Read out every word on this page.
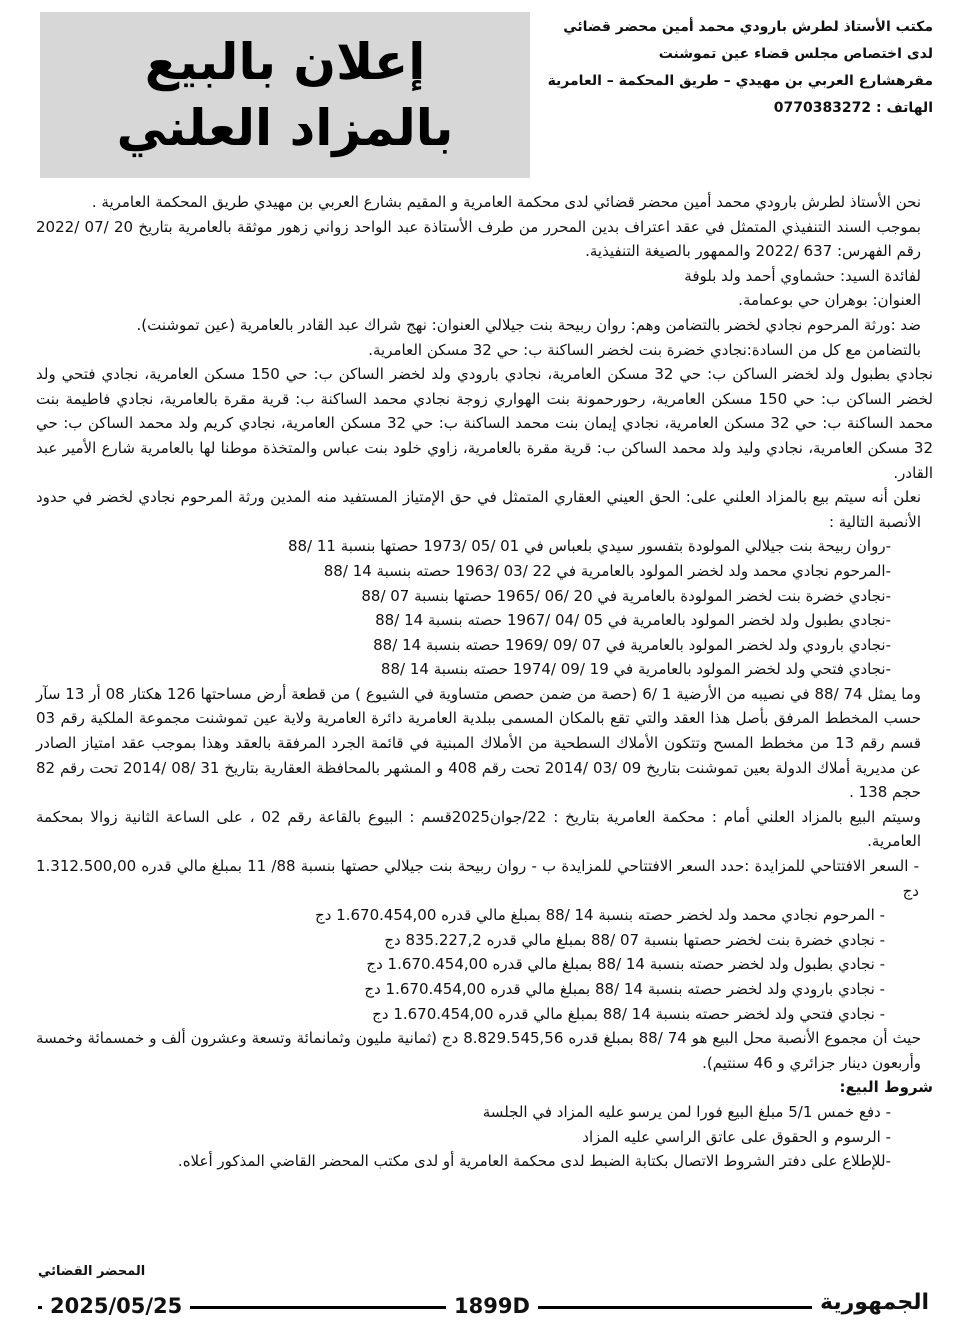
مكتب الأستاذ لطرش بارودي محمد أمين محضر قضائي
لدى اختصاص مجلس قضاء عين تموشنت
مقرهشارع العربي بن مهيدي – طريق المحكمة – العامرية
الهاتف : 0770383272
إعلان بالبيع
بالمزاد العلني

نحن الأستاذ لطرش بارودي محمد أمين محضر قضائي لدى محكمة العامرية و المقيم بشارع العربي بن مهيدي طريق المحكمة العامرية .

بموجب السند التنفيذي المتمثل في عقد اعتراف بدين المحرر من طرف الأستاذة عبد الواحد زواني زهور موثقة بالعامرية بتاريخ 20 /07 /2022 رقم الفهرس: 637 /2022 والممهور بالصيغة التنفيذية.

لفائدة السيد: حشماوي أحمد ولد بلوفة

العنوان: بوهران حي بوعمامة.

ضد :ورثة المرحوم نجادي لخضر بالتضامن وهم: روان ربيحة بنت جيلالي العنوان: نهج شراك عبد القادر بالعامرية (عين تموشنت).

بالتضامن مع كل من السادة:نجادي خضرة بنت لخضر الساكنة ب: حي 32 مسكن العامرية.

نجادي بطبول ولد لخضر الساكن ب: حي 32 مسكن العامرية، نجادي بارودي ولد لخضر الساكن ب: حي 150 مسكن العامرية، نجادي فتحي ولد لخضر الساكن ب: حي 150 مسكن العامرية، رحورحمونة بنت الهواري زوجة نجادي محمد الساكنة ب: قرية مقرة بالعامرية، نجادي فاطيمة بنت محمد الساكنة ب: حي 32 مسكن العامرية، نجادي إيمان بنت محمد الساكنة ب: حي 32 مسكن العامرية، نجادي كريم ولد محمد الساكن ب: حي 32 مسكن العامرية، نجادي وليد ولد محمد الساكن ب: قرية مقرة بالعامرية، زاوي خلود بنت عباس والمتخذة موطنا لها بالعامرية شارع الأمير عبد القادر.

نعلن أنه سيتم بيع بالمزاد العلني على: الحق العيني العقاري المتمثل في حق الإمتياز المستفيد منه المدين ورثة المرحوم نجادي لخضر في حدود الأنصبة التالية :

-روان ربيحة بنت جيلالي المولودة بتفسور سيدي بلعباس في 01 /05 /1973 حصتها بنسبة 11 /88
-المرحوم نجادي محمد ولد لخضر المولود بالعامرية في 22 /03 /1963 حصته بنسبة 14 /88
-نجادي خضرة بنت لخضر المولودة بالعامرية في 20 /06 /1965 حصتها بنسبة 07 /88
-نجادي بطبول ولد لخضر المولود بالعامرية في 05 /04 /1967 حصته بنسبة 14 /88
-نجادي بارودي ولد لخضر المولود بالعامرية في 07 /09 /1969 حصته بنسبة 14 /88
-نجادي فتحي ولد لخضر المولود بالعامرية في 19 /09 /1974 حصته بنسبة 14 /88

وما يمثل 74 /88 في نصيبه من الأرضية 1 /6 (حصة من ضمن حصص متساوية في الشيوع ) من قطعة أرض مساحتها 126 هكتار 08 أر 13 سآر حسب المخطط المرفق بأصل هذا العقد والتي تقع بالمكان المسمى ببلدية العامرية دائرة العامرية ولاية عين تموشنت مجموعة الملكية رقم 03 قسم رقم 13 من مخطط المسح وتتكون الأملاك السطحية من الأملاك المبنية في قائمة الجرد المرفقة بالعقد وهذا بموجب عقد امتياز الصادر عن مديرية أملاك الدولة بعين تموشنت بتاريخ 09 /03 /2014 تحت رقم 408 و المشهر بالمحافظة العقارية بتاريخ 31 /08 /2014 تحت رقم 82 حجم 138 .

وسيتم البيع بالمزاد العلني أمام : محكمة العامرية بتاريخ : 22/جوان2025قسم : البيوع بالقاعة رقم 02 ، على الساعة الثانية زوالا بمحكمة العامرية.

- السعر الافتتاحي للمزايدة :حدد السعر الافتتاحي للمزايدة ب - روان ربيحة بنت جيلالي حصتها بنسبة 88/ 11 بمبلغ مالي قدره 1.312.500,00 دج

- المرحوم نجادي محمد ولد لخضر حصته بنسبة 14 /88 بمبلغ مالي قدره 1.670.454,00 دج
- نجادي خضرة بنت لخضر حصتها بنسبة 07 /88 بمبلغ مالي قدره 835.227,2 دج
- نجادي بطبول ولد لخضر حصته بنسبة 14 /88 بمبلغ مالي قدره 1.670.454,00 دج
- نجادي بارودي ولد لخضر حصته بنسبة 14 /88 بمبلغ مالي قدره 1.670.454,00 دج
- نجادي فتحي ولد لخضر حصته بنسبة 14 /88 بمبلغ مالي قدره 1.670.454,00 دج

حيث أن مجموع الأنصبة محل البيع هو 74 /88 بمبلغ قدره 8.829.545,56 دج (ثمانية مليون وثمانمائة وتسعة وعشرون ألف و خمسمائة وخمسة وأربعون دينار جزائري و 46 سنتيم).

شروط البيع:

- دفع خمس 5/1 مبلغ البيع فورا لمن يرسو عليه المزاد في الجلسة
- الرسوم و الحقوق على عاتق الراسي عليه المزاد
-للإطلاع على دفتر الشروط الاتصال بكتابة الضبط لدى محكمة العامرية أو لدى مكتب المحضر القاضي المذكور أعلاه.
المحضر القضائي
2025/05/25	1899D	الجمهورية
